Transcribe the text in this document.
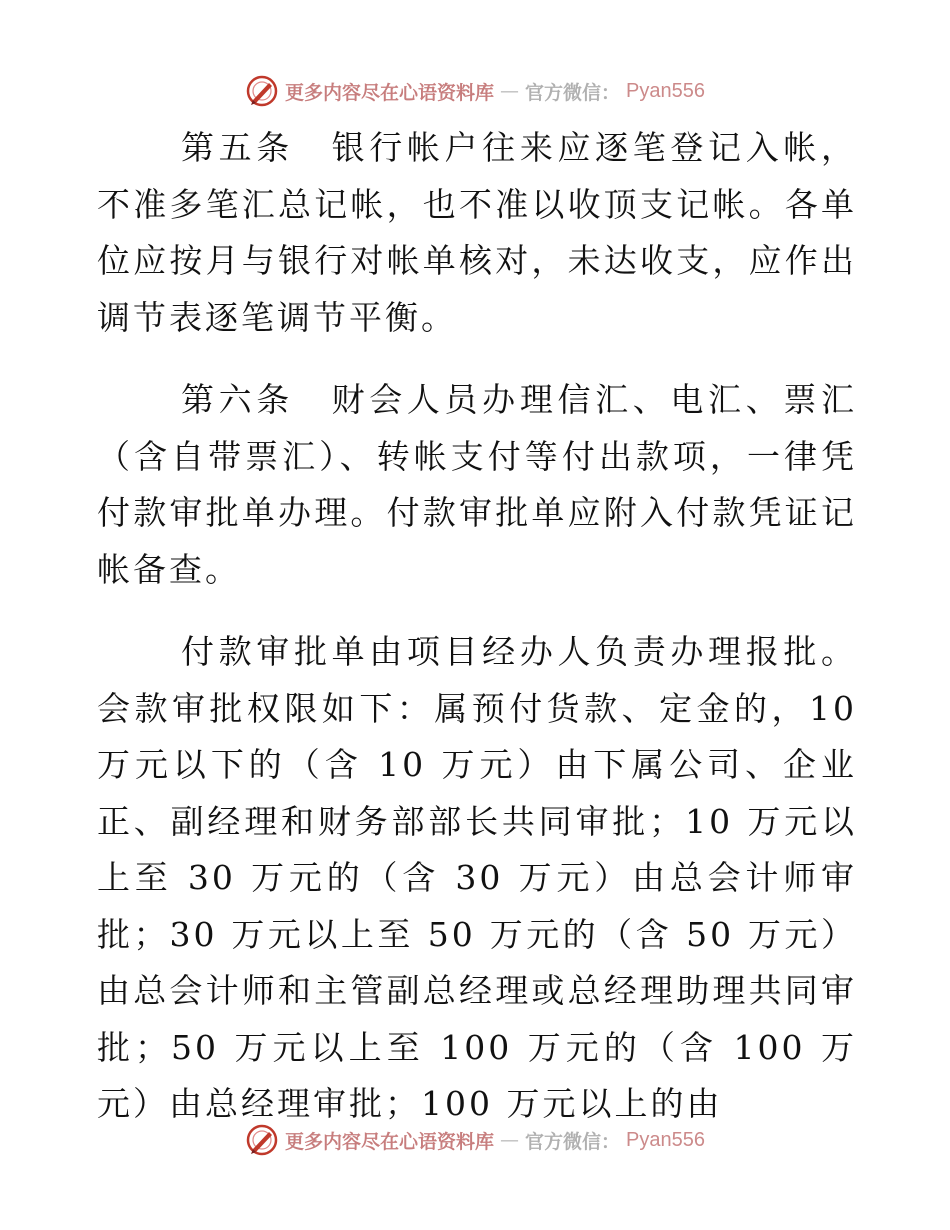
更多内容尽在心语资料库 — 官方微信： Pyan556

第五条　银行帐户往来应逐笔登记入帐，不准多笔汇总记帐，也不准以收顶支记帐。各单位应按月与银行对帐单核对，未达收支，应作出调节表逐笔调节平衡。

第六条　财会人员办理信汇、电汇、票汇（含自带票汇）、转帐支付等付出款项，一律凭付款审批单办理。付款审批单应附入付款凭证记帐备查。

付款审批单由项目经办人负责办理报批。会款审批权限如下：属预付货款、定金的，10 万元以下的（含 10 万元）由下属公司、企业正、副经理和财务部部长共同审批；10 万元以上至 30 万元的（含 30 万元）由总会计师审批；30 万元以上至 50 万元的（含 50 万元）由总会计师和主管副总经理或总经理助理共同审批；50 万元以上至 100 万元的（含 100 万元）由总经理审批；100 万元以上的由

更多内容尽在心语资料库 — 官方微信： Pyan556
